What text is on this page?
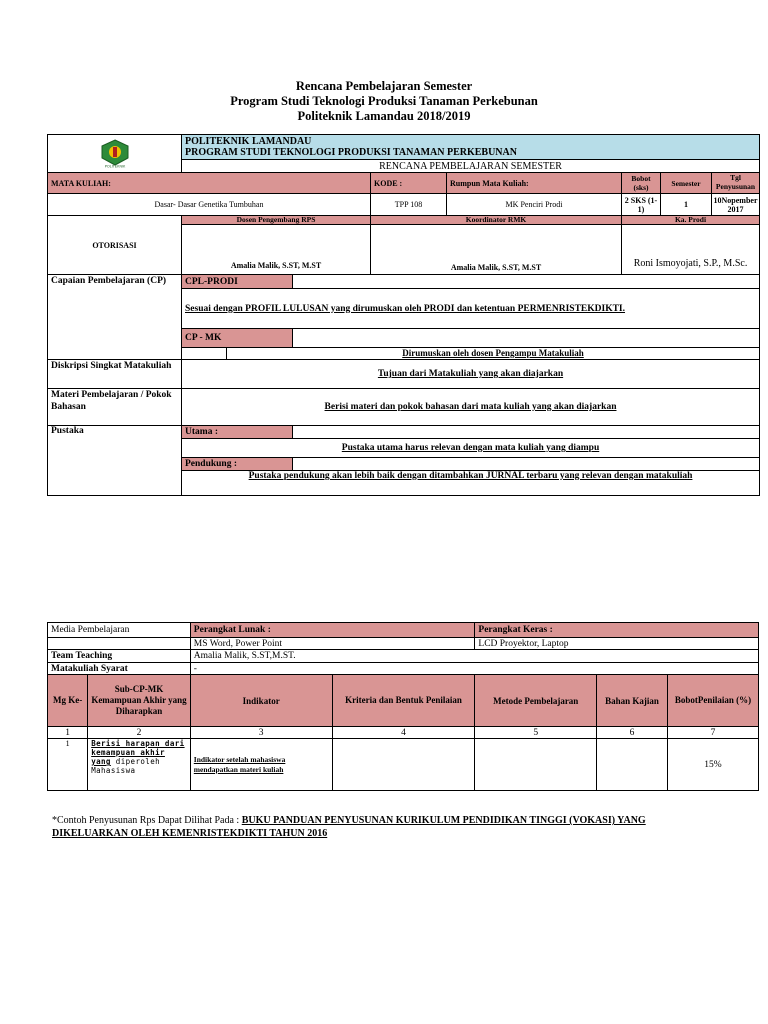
Rencana Pembelajaran Semester
Program Studi Teknologi Produksi Tanaman Perkebunan
Politeknik Lamandau 2018/2019
POLITEKNIK	POLITEKNIK LAMANDAU
PROGRAM STUDI TEKNOLOGI PRODUKSI TANAMAN PERKEBUNAN						

	RENCANA PEMBELAJARAN SEMESTER						
MATA KULIAH:			KODE :	Rumpun Mata Kuliah:	Bobot (sks)	Semester	Tgl Penyusunan
Dasar- Dasar Genetika Tumbuhan			TPP 108	MK Penciri Prodi	2 SKS (1-1)	1	10Nopember 2017
OTORISASI	Dosen Pengembang RPS		Koordinator RMK		Ka. Prodi		
	Amalia Malik, S.ST, M.ST		Amalia Malik, S.ST, M.ST		Roni Ismoyojati, S.P., M.Sc.		
Capaian Pembelajaran (CP)	CPL-PRODI						
	Sesuai dengan PROFIL LULUSAN yang dirumuskan oleh PRODI dan ketentuan PERMENRISTEKDIKTI.						
	CP - MK						

	Dirumuskan oleh dosen Pengampu Matakuliah						

Diskripsi Singkat Matakuliah	Tujuan dari Matakuliah yang akan diajarkan						
Materi Pembelajaran / Pokok Bahasan	Berisi materi dan pokok bahasan dari mata kuliah yang akan diajarkan						
Pustaka	Utama :						
	Pustaka utama harus relevan dengan mata kuliah yang diampu						
	Pendukung :						
	Pustaka pendukung akan lebih baik dengan ditambahkan JURNAL terbaru yang relevan dengan matakuliah						
Media Pembelajaran		Perangkat Lunak :		Perangkat Keras :		
		MS Word, Power Point		LCD Proyektor, Laptop		
Team Teaching		Amalia Malik, S.ST,M.ST.				
Matakuliah Syarat		-				
Mg Ke-	Sub-CP-MK Kemampuan Akhir yang Diharapkan	Indikator	Kriteria dan Bentuk Penilaian	Metode Pembelajaran	Bahan Kajian	BobotPenilaian (%)
1	2	3	4	5	6	7
1	Berisi harapan dari kemampuan akhir yang diperoleh Mahasiswa	Indikator setelah mahasiswa mendapatkan materi kuliah				15%
*Contoh Penyusunan Rps Dapat Dilihat Pada : BUKU PANDUAN PENYUSUNAN KURIKULUM PENDIDIKAN TINGGI (VOKASI) YANG DIKELUARKAN OLEH KEMENRISTEKDIKTI TAHUN 2016
